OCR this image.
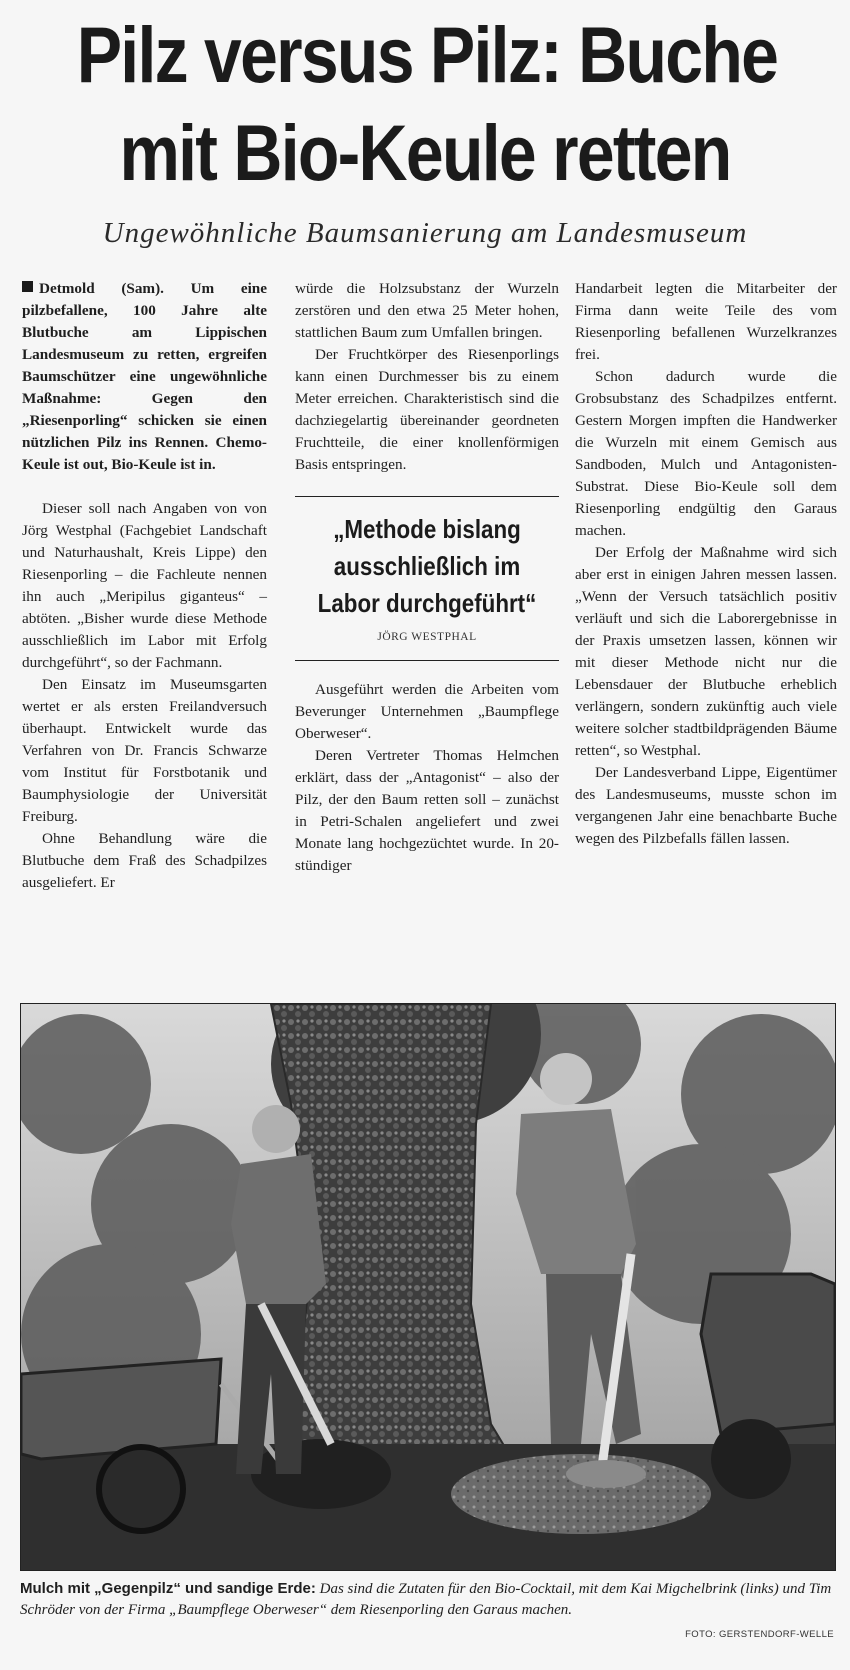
Pilz versus Pilz: Buche
mit Bio-Keule retten
Ungewöhnliche Baumsanierung am Landesmuseum

Detmold (Sam). Um eine pilzbefallene, 100 Jahre alte Blutbuche am Lippischen Landesmuseum zu retten, ergreifen Baumschützer eine ungewöhnliche Maßnahme: Gegen den „Riesenporling“ schicken sie einen nützlichen Pilz ins Rennen. Chemo-Keule ist out, Bio-Keule ist in.

Dieser soll nach Angaben von von Jörg Westphal (Fachgebiet Landschaft und Naturhaushalt, Kreis Lippe) den Riesenporling – die Fachleute nennen ihn auch „Meripilus giganteus“ – abtöten. „Bisher wurde diese Methode ausschließlich im Labor mit Erfolg durchgeführt“, so der Fachmann.

Den Einsatz im Museumsgarten wertet er als ersten Freilandversuch überhaupt. Entwickelt wurde das Verfahren von Dr. Francis Schwarze vom Institut für Forstbotanik und Baumphysiologie der Universität Freiburg.

Ohne Behandlung wäre die Blutbuche dem Fraß des Schadpilzes ausgeliefert. Er

würde die Holzsubstanz der Wurzeln zerstören und den etwa 25 Meter hohen, stattlichen Baum zum Umfallen bringen.

Der Fruchtkörper des Riesenporlings kann einen Durchmesser bis zu einem Meter erreichen. Charakteristisch sind die dachziegelartig übereinander geordneten Fruchtteile, die einer knollenförmigen Basis entspringen.

„Methode bislang
ausschließlich im
Labor durchgeführt“
JÖRG WESTPHAL

Ausgeführt werden die Arbeiten vom Beverunger Unternehmen „Baumpflege Oberweser“.

Deren Vertreter Thomas Helmchen erklärt, dass der „Antagonist“ – also der Pilz, der den Baum retten soll – zunächst in Petri-Schalen angeliefert und zwei Monate lang hochgezüchtet wurde. In 20-stündiger

Handarbeit legten die Mitarbeiter der Firma dann weite Teile des vom Riesenporling befallenen Wurzelkranzes frei.

Schon dadurch wurde die Grobsubstanz des Schadpilzes entfernt. Gestern Morgen impften die Handwerker die Wurzeln mit einem Gemisch aus Sandboden, Mulch und Antagonisten-Substrat. Diese Bio-Keule soll dem Riesenporling endgültig den Garaus machen.

Der Erfolg der Maßnahme wird sich aber erst in einigen Jahren messen lassen. „Wenn der Versuch tatsächlich positiv verläuft und sich die Laborergebnisse in der Praxis umsetzen lassen, können wir mit dieser Methode nicht nur die Lebensdauer der Blutbuche erheblich verlängern, sondern zukünftig auch viele weitere solcher stadtbildprägenden Bäume retten“, so Westphal.

Der Landesverband Lippe, Eigentümer des Landesmuseums, musste schon im vergangenen Jahr eine benachbarte Buche wegen des Pilzbefalls fällen lassen.

Mulch mit „Gegenpilz“ und sandige Erde: Das sind die Zutaten für den Bio-Cocktail, mit dem Kai Migchelbrink (links) und Tim Schröder von der Firma „Baumpflege Oberweser“ dem Riesenporling den Garaus machen.
FOTO: GERSTENDORF-WELLE
